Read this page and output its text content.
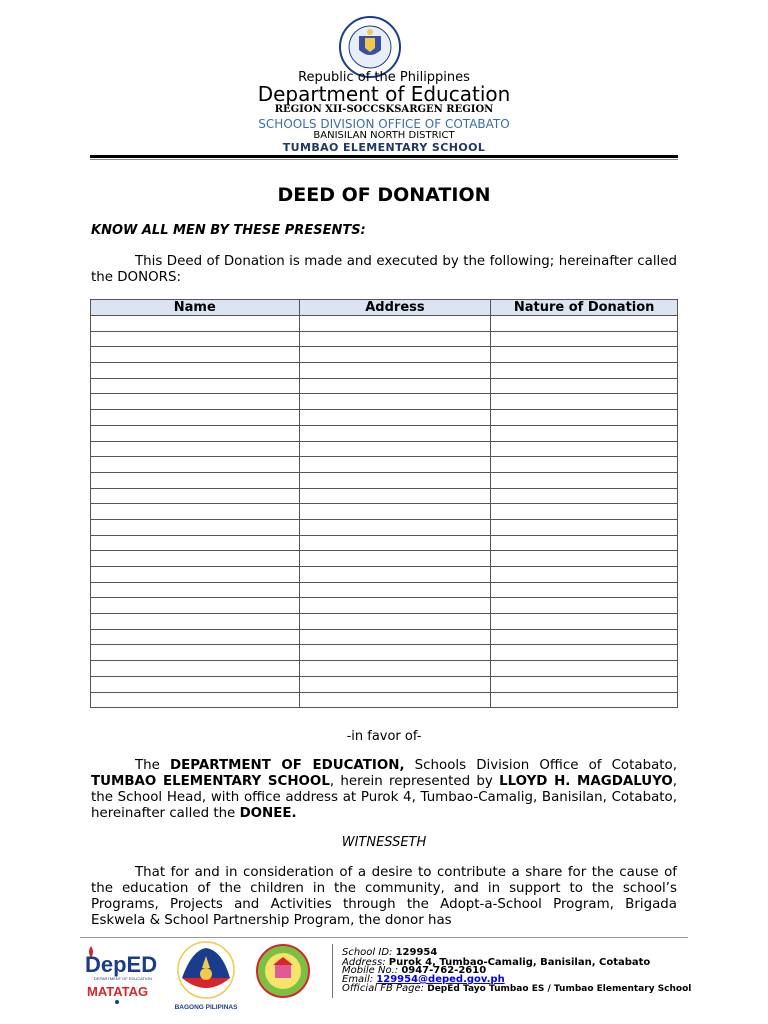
Republic of the Philippines
Department of Education
REGION XII-SOCCSKSARGEN REGION
SCHOOLS DIVISION OFFICE OF COTABATO
BANISILAN NORTH DISTRICT
TUMBAO ELEMENTARY SCHOOL
DEED OF DONATION
KNOW ALL MEN BY THESE PRESENTS:
This Deed of Donation is made and executed by the following; hereinafter called the DONORS:
Name	Address	Nature of Donation

-in favor of-
The DEPARTMENT OF EDUCATION, Schools Division Office of Cotabato, TUMBAO ELEMENTARY SCHOOL, herein represented by LLOYD H. MAGDALUYO, the School Head, with office address at Purok 4, Tumbao-Camalig, Banisilan, Cotabato, hereinafter called the DONEE.
WITNESSETH
That for and in consideration of a desire to contribute a share for the cause of the education of the children in the community, and in support to the school’s Programs, Projects and Activities through the Adopt-a-School Program, Brigada Eskwela & School Partnership Program, the donor has
DepED
DEPARTMENT OF EDUCATION
MATATAG
BAGONG PILIPINAS
School ID: 129954
Address: Purok 4, Tumbao-Camalig, Banisilan, Cotabato
Mobile No.: 0947-762-2610
Email: 129954@deped.gov.ph
Official FB Page: DepEd Tayo Tumbao ES / Tumbao Elementary School
